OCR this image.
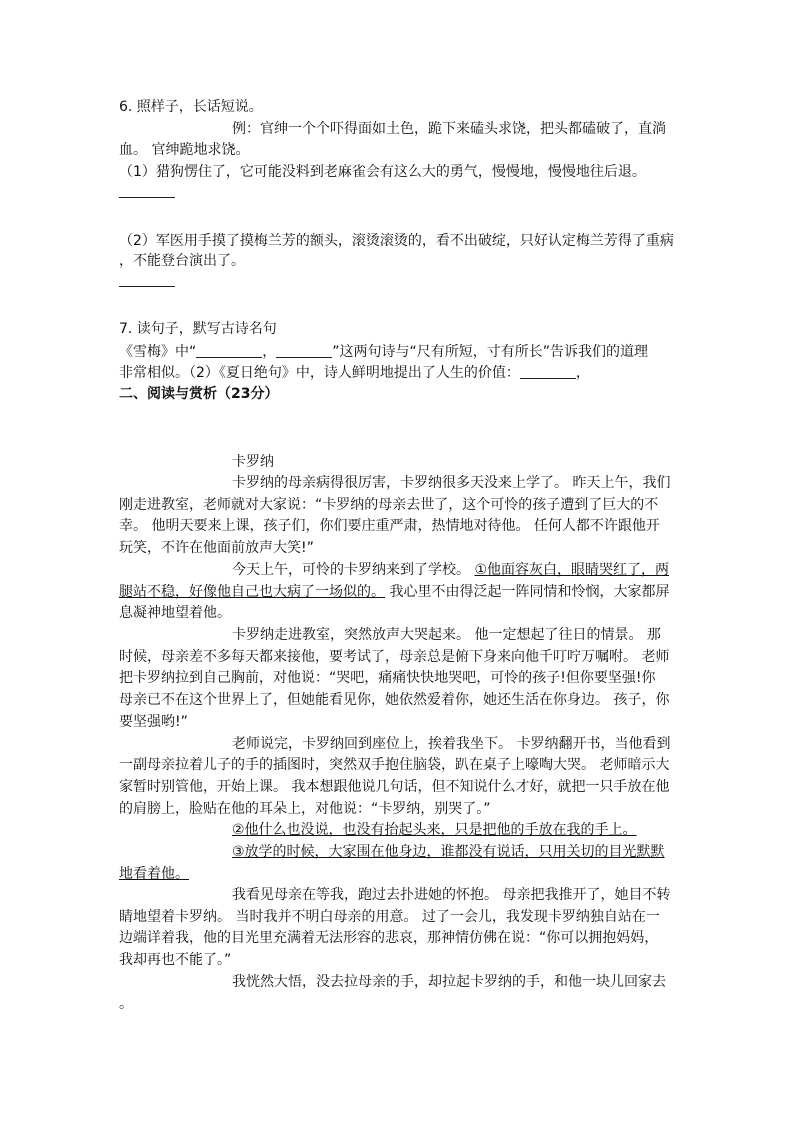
6. 照样子，长话短说。
例：官绅一个个吓得面如土色，跪下来磕头求饶，把头都磕破了，直淌
血。 官绅跪地求饶。
（1）猎狗愣住了，它可能没料到老麻雀会有这么大的勇气，慢慢地，慢慢地往后退。
（2）军医用手摸了摸梅兰芳的额头，滚烫滚烫的，看不出破绽，只好认定梅兰芳得了重病
，不能登台演出了。
7. 读句子，默写古诗名句
《雪梅》中“	，	”这两句诗与“尺有所短，寸有所长”告诉我们的道理
非常相似。（2）《夏日绝句》中，诗人鲜明地提出了人生的价值：	，
二、阅读与赏析（23分）
卡罗纳
卡罗纳的母亲病得很厉害，卡罗纳很多天没来上学了。 昨天上午，我们
刚走进教室，老师就对大家说：“卡罗纳的母亲去世了，这个可怜的孩子遭到了巨大的不
幸。 他明天要来上课，孩子们，你们要庄重严肃，热情地对待他。 任何人都不许跟他开
玩笑，不许在他面前放声大笑!”
今天上午，可怜的卡罗纳来到了学校。 ①他面容灰白，眼睛哭红了，两
腿站不稳，好像他自己也大病了一场似的。 我心里不由得泛起一阵同情和怜悯，大家都屏
息凝神地望着他。
卡罗纳走进教室，突然放声大哭起来。 他一定想起了往日的情景。 那
时候，母亲差不多每天都来接他，要考试了，母亲总是俯下身来向他千叮咛万嘱咐。 老师
把卡罗纳拉到自己胸前，对他说：“哭吧，痛痛快快地哭吧，可怜的孩子!但你要坚强!你
母亲已不在这个世界上了，但她能看见你，她依然爱着你，她还生活在你身边。 孩子，你
要坚强哟!”
老师说完，卡罗纳回到座位上，挨着我坐下。 卡罗纳翻开书，当他看到
一副母亲拉着儿子的手的插图时，突然双手抱住脑袋，趴在桌子上嚎啕大哭。 老师暗示大
家暂时别管他，开始上课。 我本想跟他说几句话，但不知说什么才好，就把一只手放在他
的肩膀上，脸贴在他的耳朵上，对他说：“卡罗纳，别哭了。”
②他什么也没说，也没有抬起头来，只是把他的手放在我的手上。
③放学的时候，大家围在他身边，谁都没有说话，只用关切的目光默默
地看着他。
我看见母亲在等我，跑过去扑进她的怀抱。 母亲把我推开了，她目不转
睛地望着卡罗纳。 当时我并不明白母亲的用意。 过了一会儿，我发现卡罗纳独自站在一
边端详着我，他的目光里充满着无法形容的悲哀，那神情仿佛在说：“你可以拥抱妈妈，
我却再也不能了。”
我恍然大悟，没去拉母亲的手，却拉起卡罗纳的手，和他一块儿回家去
。
